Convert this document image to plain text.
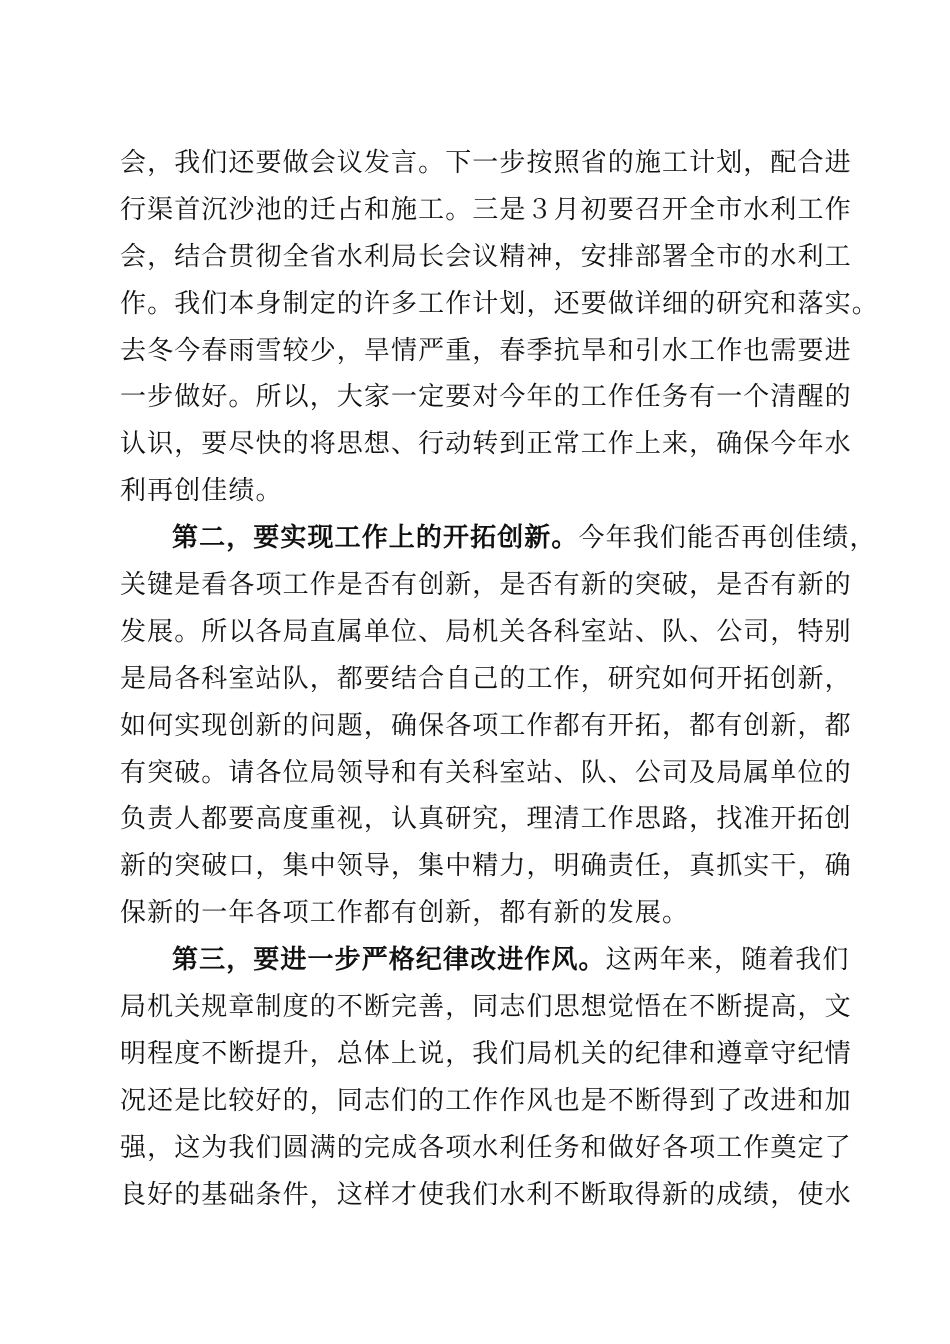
会，我们还要做会议发言。下一步按照省的施工计划，配合进
行渠首沉沙池的迁占和施工。三是３月初要召开全市水利工作
会，结合贯彻全省水利局长会议精神，安排部署全市的水利工
作。我们本身制定的许多工作计划，还要做详细的研究和落实。
去冬今春雨雪较少，旱情严重，春季抗旱和引水工作也需要进
一步做好。所以，大家一定要对今年的工作任务有一个清醒的
认识，要尽快的将思想、行动转到正常工作上来，确保今年水
利再创佳绩。
第二，要实现工作上的开拓创新。今年我们能否再创佳绩，
关键是看各项工作是否有创新，是否有新的突破，是否有新的
发展。所以各局直属单位、局机关各科室站、队、公司，特别
是局各科室站队，都要结合自己的工作，研究如何开拓创新，
如何实现创新的问题，确保各项工作都有开拓，都有创新，都
有突破。请各位局领导和有关科室站、队、公司及局属单位的
负责人都要高度重视，认真研究，理清工作思路，找准开拓创
新的突破口，集中领导，集中精力，明确责任，真抓实干，确
保新的一年各项工作都有创新，都有新的发展。
第三，要进一步严格纪律改进作风。这两年来，随着我们
局机关规章制度的不断完善，同志们思想觉悟在不断提高，文
明程度不断提升，总体上说，我们局机关的纪律和遵章守纪情
况还是比较好的，同志们的工作作风也是不断得到了改进和加
强，这为我们圆满的完成各项水利任务和做好各项工作奠定了
良好的基础条件，这样才使我们水利不断取得新的成绩，使水
